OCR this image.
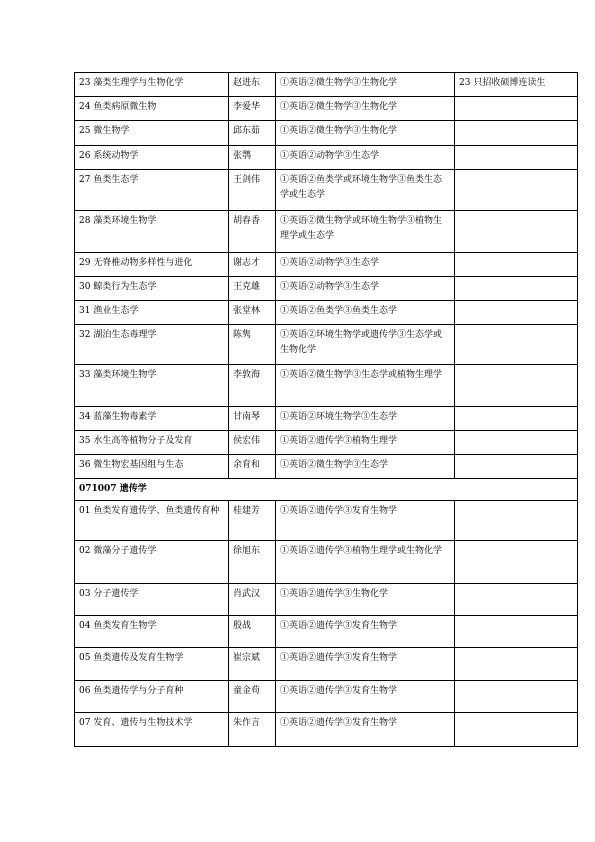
23 藻类生理学与生物化学	赵进东	①英语②微生物学③生物化学	23 只招收硕博连读生
24 鱼类病原微生物	李爱华	①英语②微生物学③生物化学	
25 微生物学	邱东茹	①英语②微生物学③生物化学	
26 系统动物学	张鹗	①英语②动物学③生态学	
27 鱼类生态学	王剑伟	①英语②鱼类学或环境生物学③鱼类生态学或生态学	
28 藻类环境生物学	胡春香	①英语②微生物学或环境生物学③植物生理学或生态学	
29 无脊椎动物多样性与进化	谢志才	①英语②动物学③生态学	
30 鲸类行为生态学	王克雄	①英语②动物学③生态学	
31 渔业生态学	张堂林	①英语②鱼类学③鱼类生态学	
32 湖泊生态毒理学	陈隽	①英语②环境生物学或遗传学③生态学或生物化学	
33 藻类环境生物学	李敦海	①英语②微生物学③生态学或植物生理学	
34 蓝藻生物毒素学	甘南琴	①英语②环境生物学③生态学	
35 水生高等植物分子及发育	侯宏伟	①英语②遗传学③植物生理学	
36 微生物宏基因组与生态	余育和	①英语②微生物学③生态学	
071007 遗传学			
01 鱼类发育遗传学、鱼类遗传育种	桂建芳	①英语②遗传学③发育生物学	
02 微藻分子遗传学	徐旭东	①英语②遗传学③植物生理学或生物化学	
03 分子遗传学	肖武汉	①英语②遗传学③生物化学	
04 鱼类发育生物学	殷战	①英语②遗传学③发育生物学	
05 鱼类遗传及发育生物学	崔宗斌	①英语②遗传学③发育生物学	
06 鱼类遗传学与分子育种	童金苟	①英语②遗传学③发育生物学	
07 发育、遗传与生物技术学	朱作言	①英语②遗传学③发育生物学	
